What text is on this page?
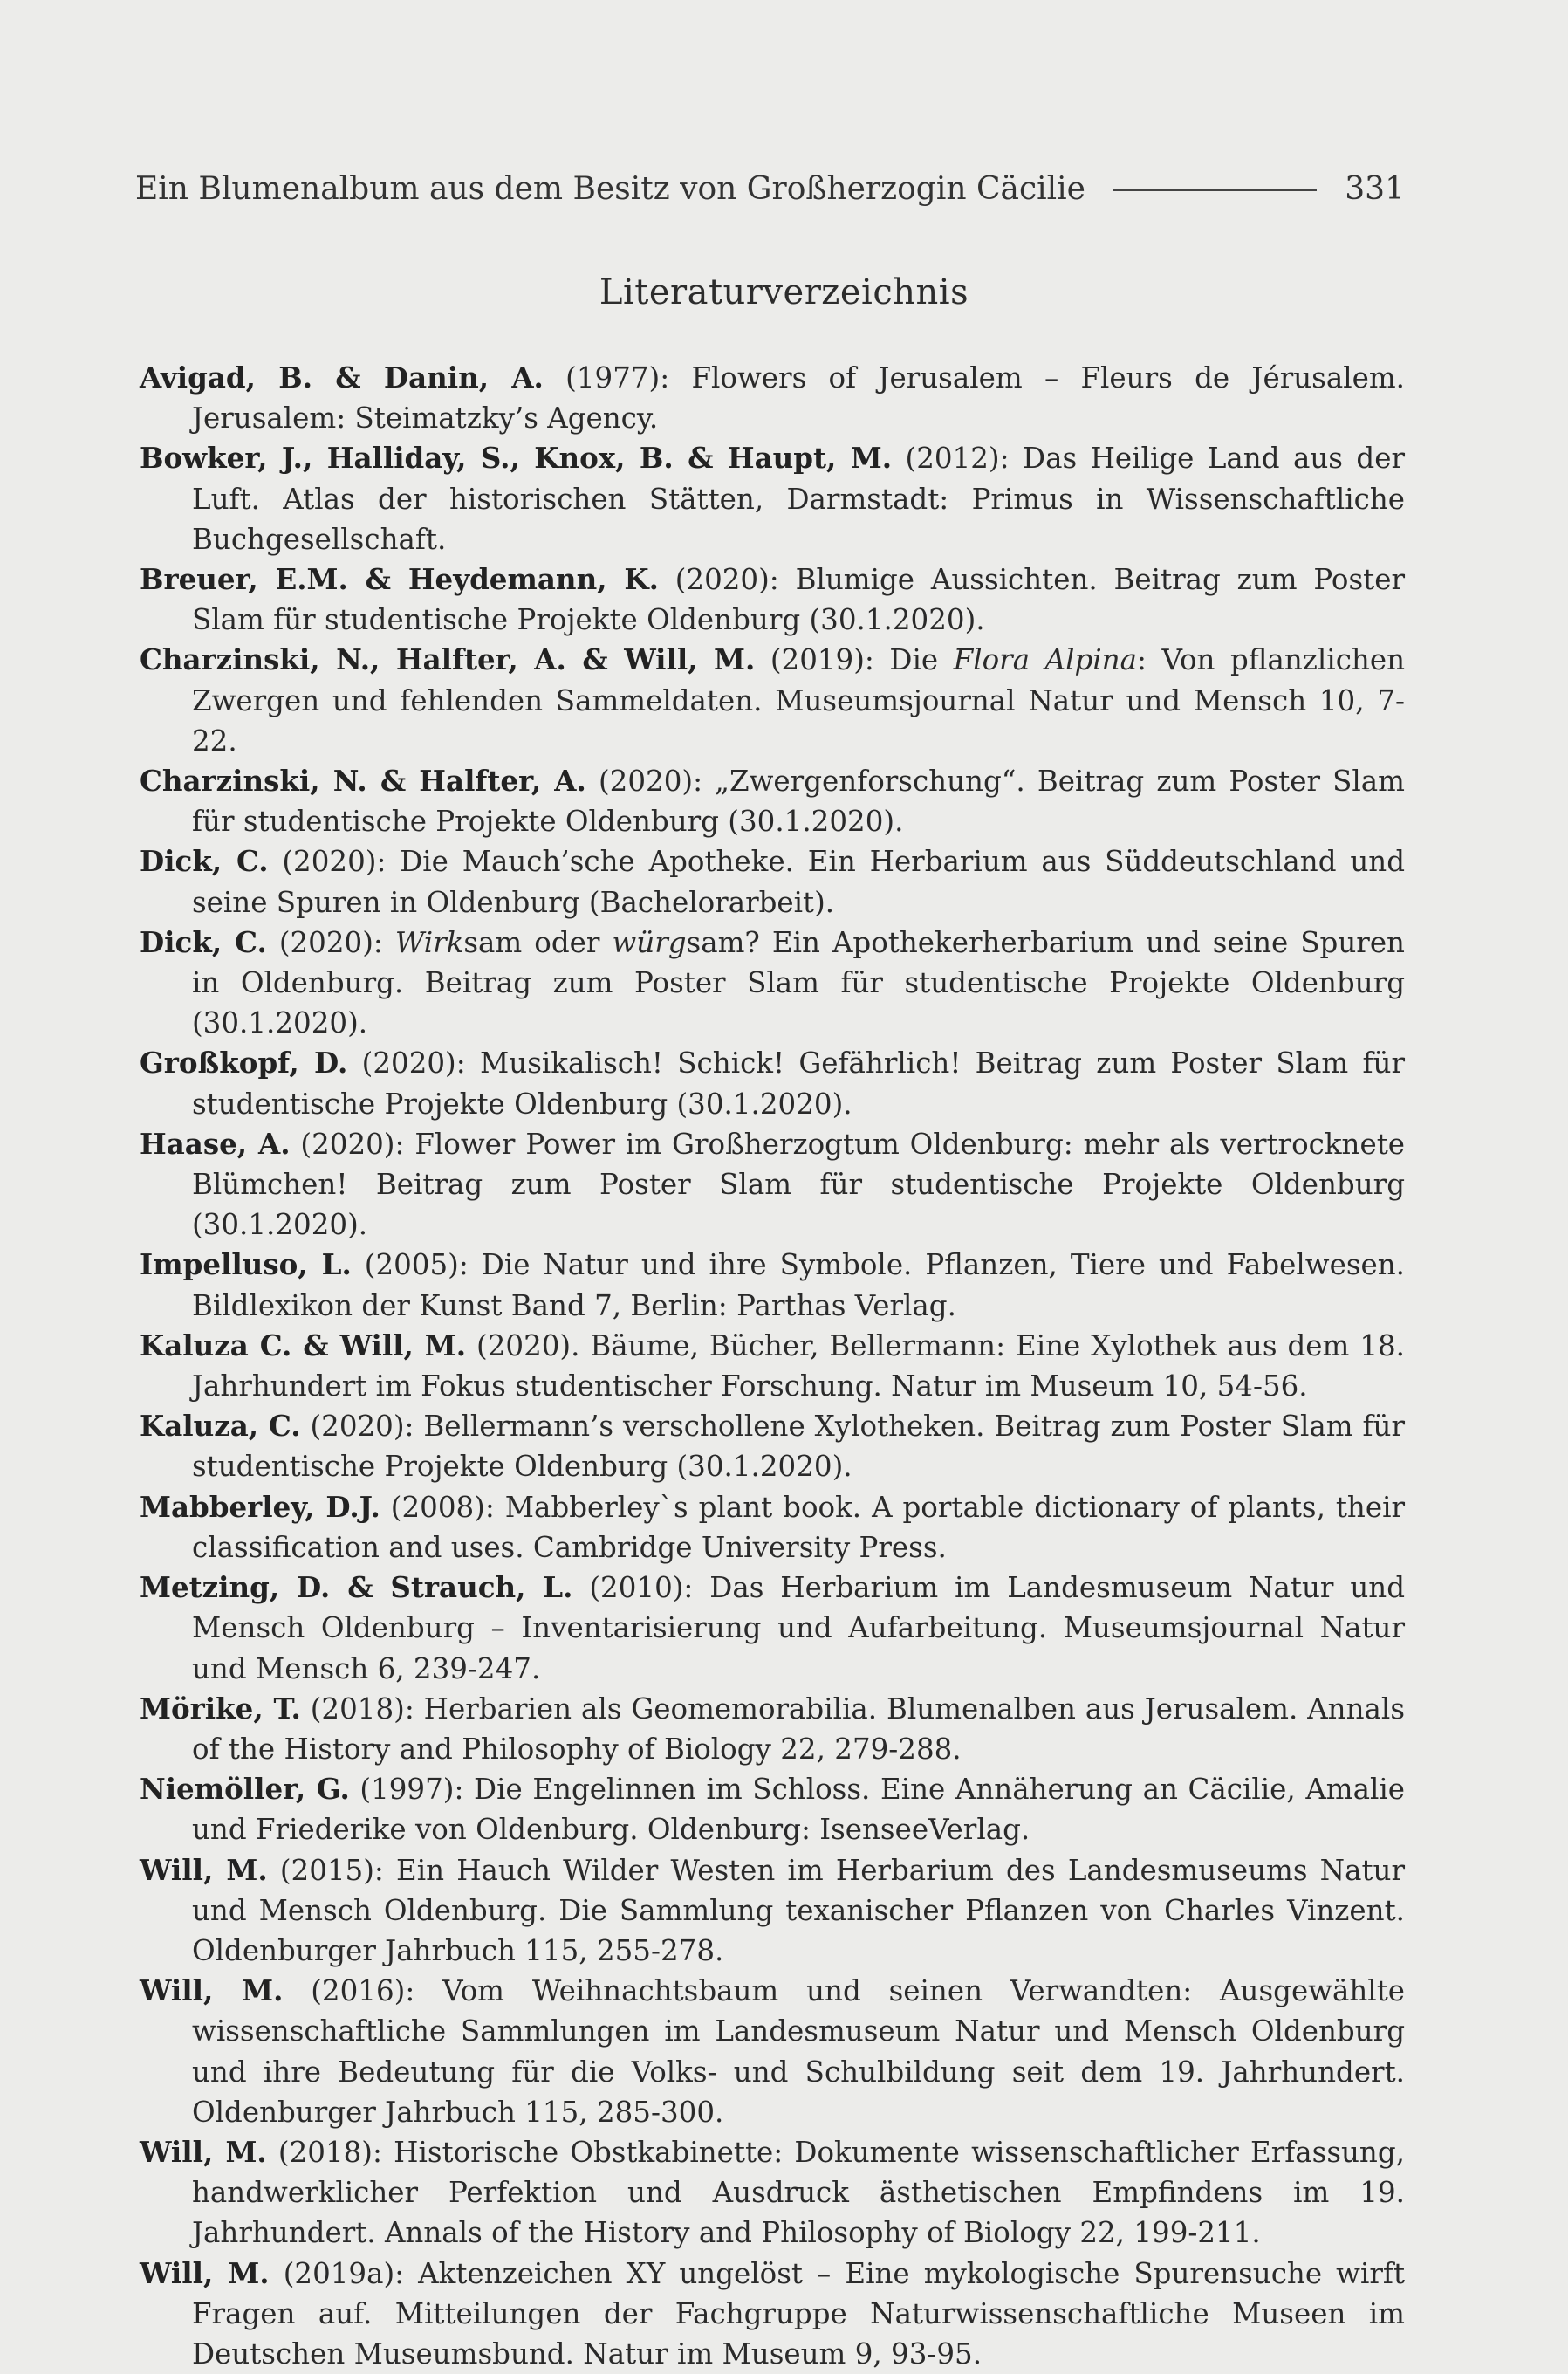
Ein Blumenalbum aus dem Besitz von Großherzogin Cäcilie	331
Literaturverzeichnis

Avigad, B. & Danin, A. (1977): Flowers of Jerusalem – Fleurs de Jérusalem. Jerusalem: Steimatzky’s Agency.

Bowker, J., Halliday, S., Knox, B. & Haupt, M. (2012): Das Heilige Land aus der Luft. Atlas der historischen Stätten, Darmstadt: Primus in Wissenschaftliche Buchgesellschaft.

Breuer, E.M. & Heydemann, K. (2020): Blumige Aussichten. Beitrag zum Poster Slam für studentische Projekte Oldenburg (30.1.2020).

Charzinski, N., Halfter, A. & Will, M. (2019): Die Flora Alpina: Von pflanzlichen Zwergen und fehlenden Sammeldaten. Museumsjournal Natur und Mensch 10, 7-22.

Charzinski, N. & Halfter, A. (2020): „Zwergenforschung“. Beitrag zum Poster Slam für studentische Projekte Oldenburg (30.1.2020).

Dick, C. (2020): Die Mauch’sche Apotheke. Ein Herbarium aus Süddeutschland und seine Spuren in Oldenburg (Bachelorarbeit).

Dick, C. (2020): Wirksam oder würgsam? Ein Apothekerherbarium und seine Spuren in Oldenburg. Beitrag zum Poster Slam für studentische Projekte Oldenburg (30.1.2020).

Großkopf, D. (2020): Musikalisch! Schick! Gefährlich! Beitrag zum Poster Slam für studentische Projekte Oldenburg (30.1.2020).

Haase, A. (2020): Flower Power im Großherzogtum Oldenburg: mehr als vertrocknete Blümchen! Beitrag zum Poster Slam für studentische Projekte Oldenburg (30.1.2020).

Impelluso, L. (2005): Die Natur und ihre Symbole. Pflanzen, Tiere und Fabelwesen. Bildlexikon der Kunst Band 7, Berlin: Parthas Verlag.

Kaluza C. & Will, M. (2020). Bäume, Bücher, Bellermann: Eine Xylothek aus dem 18. Jahrhundert im Fokus studentischer Forschung. Natur im Museum 10, 54-56.

Kaluza, C. (2020): Bellermann’s verschollene Xylotheken. Beitrag zum Poster Slam für studentische Projekte Oldenburg (30.1.2020).

Mabberley, D.J. (2008): Mabberley`s plant book. A portable dictionary of plants, their classification and uses. Cambridge University Press.

Metzing, D. & Strauch, L. (2010): Das Herbarium im Landesmuseum Natur und Mensch Oldenburg – Inventarisierung und Aufarbeitung. Museumsjournal Natur und Mensch 6, 239-247.

Mörike, T. (2018): Herbarien als Geomemorabilia. Blumenalben aus Jerusalem. Annals of the History and Philosophy of Biology 22, 279-288.

Niemöller, G. (1997): Die Engelinnen im Schloss. Eine Annäherung an Cäcilie, Amalie und Friederike von Oldenburg. Oldenburg: IsenseeVerlag.

Will, M. (2015): Ein Hauch Wilder Westen im Herbarium des Landesmuseums Natur und Mensch Oldenburg. Die Sammlung texanischer Pflanzen von Charles Vinzent. Oldenburger Jahrbuch 115, 255-278.

Will, M. (2016): Vom Weihnachtsbaum und seinen Verwandten: Ausgewählte wissenschaftliche Sammlungen im Landesmuseum Natur und Mensch Oldenburg und ihre Bedeutung für die Volks- und Schulbildung seit dem 19. Jahrhundert. Oldenburger Jahrbuch 115, 285-300.

Will, M. (2018): Historische Obstkabinette: Dokumente wissenschaftlicher Erfassung, handwerklicher Perfektion und Ausdruck ästhetischen Empfindens im 19. Jahrhundert. Annals of the History and Philosophy of Biology 22, 199-211.

Will, M. (2019a): Aktenzeichen XY ungelöst – Eine mykologische Spurensuche wirft Fragen auf. Mitteilungen der Fachgruppe Naturwissenschaftliche Museen im Deutschen Museumsbund. Natur im Museum 9, 93-95.
